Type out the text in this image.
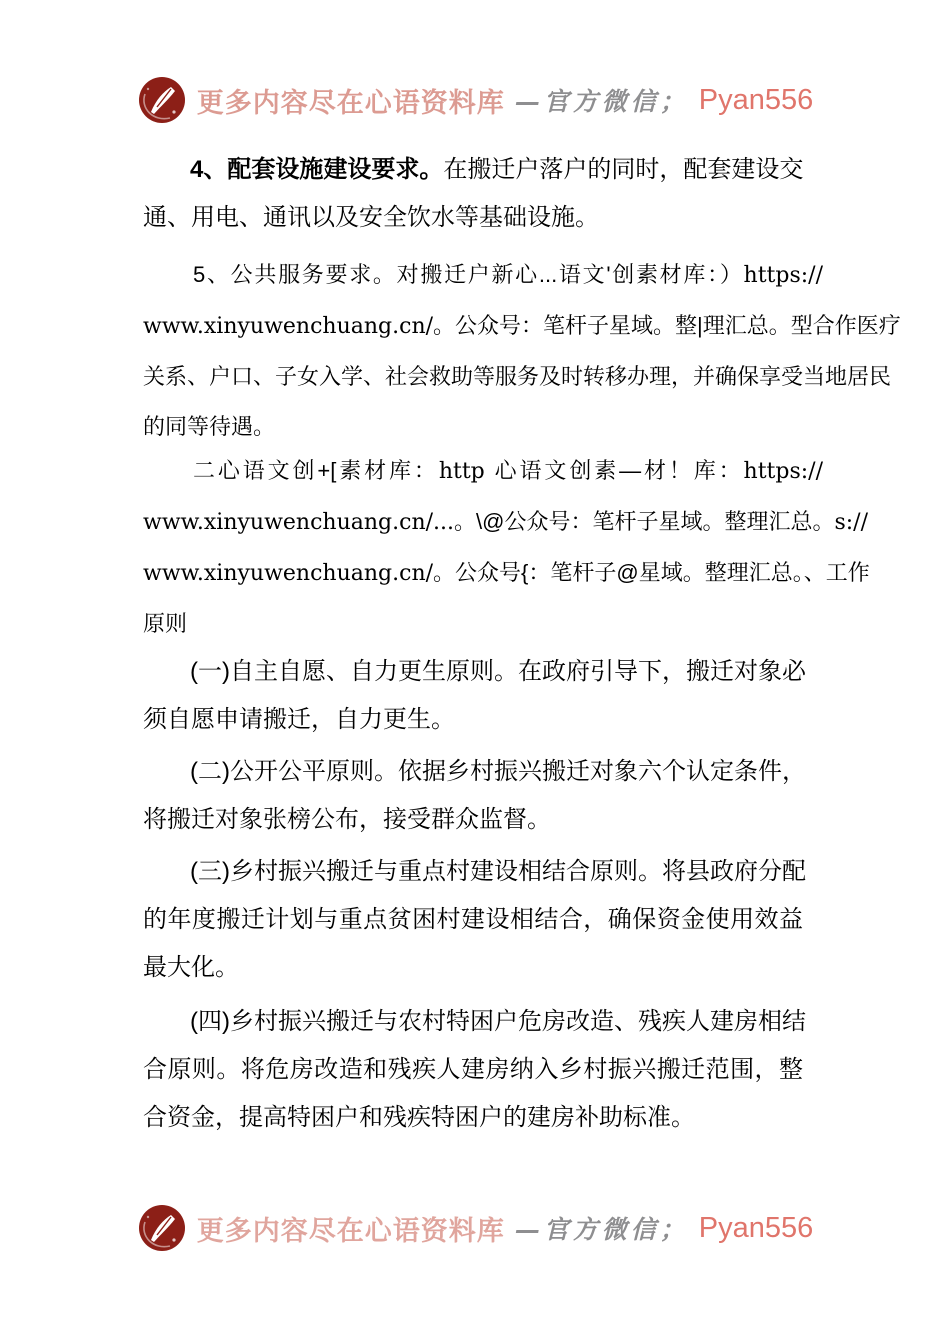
更多内容尽在心语资料库 —官方微信； Pyan556
4、配套设施建设要求。在搬迁户落户的同时，配套建设交
通、用电、通讯以及安全饮水等基础设施。
5、公共服务要求。对搬迁户新心...语文'创素材库：）https://
www.xinyuwenchuang.cn/。公众号：笔杆子星域。整|理汇总。型合作医疗
关系、户口、子女入学、社会救助等服务及时转移办理，并确保享受当地居民
的同等待遇。
二心语文创+[素材库：http 心语文创素—材！库：https://
www.xinyuwenchuang.cn/...。\@公众号：笔杆子星域。整理汇总。s://
www.xinyuwenchuang.cn/。公众号{：笔杆子@星域。整理汇总。、工作
原则
(一)自主自愿、自力更生原则。在政府引导下，搬迁对象必
须自愿申请搬迁，自力更生。
(二)公开公平原则。依据乡村振兴搬迁对象六个认定条件，
将搬迁对象张榜公布，接受群众监督。
(三)乡村振兴搬迁与重点村建设相结合原则。将县政府分配
的年度搬迁计划与重点贫困村建设相结合，确保资金使用效益
最大化。
(四)乡村振兴搬迁与农村特困户危房改造、残疾人建房相结
合原则。将危房改造和残疾人建房纳入乡村振兴搬迁范围，整
合资金，提高特困户和残疾特困户的建房补助标准。
更多内容尽在心语资料库 —官方微信； Pyan556
